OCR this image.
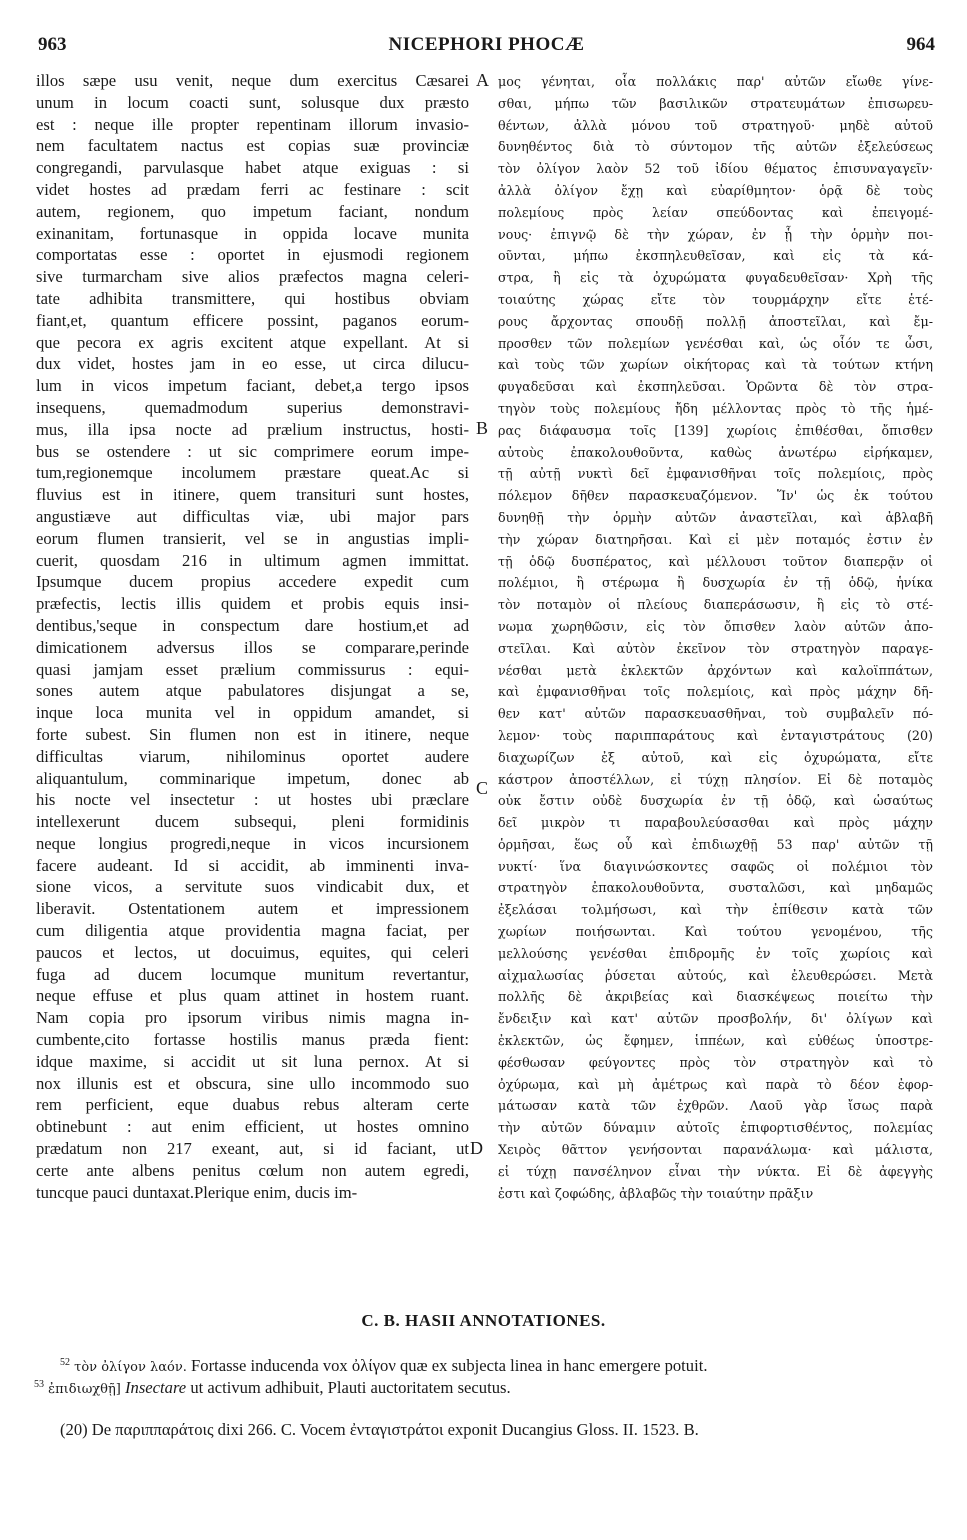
963	NICEPHORI PHOCÆ	964
illos sæpe usu venit, neque dum exercitus Cæsarei
unum in locum coacti sunt, solusque dux præsto
est : neque ille propter repentinam illorum invasio-
nem facultatem nactus est copias suæ provinciæ
congregandi, parvulasque habet atque exiguas : si
videt hostes ad prædam ferri ac festinare : scit
autem, regionem, quo impetum faciant, nondum
exinanitam, fortunasque in oppida locave munita
comportatas esse : oportet in ejusmodi regionem
sive turmarcham sive alios præfectos magna celeri-
tate adhibita transmittere, qui hostibus obviam
fiant,et, quantum efficere possint, paganos eorum-
que pecora ex agris excitent atque expellant. At si
dux videt, hostes jam in eo esse, ut circa dilucu-
lum in vicos impetum faciant, debet,a tergo ipsos
insequens, quemadmodum superius demonstravi-
mus, illa ipsa nocte ad prælium instructus, hosti-
bus se ostendere : ut sic comprimere eorum impe-
tum,regionemque incolumem præstare queat.Ac si
fluvius est in itinere, quem transituri sunt hostes,
angustiæve aut difficultas viæ, ubi major pars
eorum flumen transierit, vel se in angustias impli-
cuerit, quosdam 216 in ultimum agmen immittat.
Ipsumque ducem propius accedere expedit cum
præfectis, lectis illis quidem et probis equis insi-
dentibus,'seque in conspectum dare hostium,et ad
dimicationem adversus illos se comparare,perinde
quasi jamjam esset prælium commissurus : equi-
sones autem atque pabulatores disjungat a se,
inque loca munita vel in oppidum amandet, si
forte subest. Sin flumen non est in itinere, neque
difficultas viarum, nihilominus oportet audere
aliquantulum, comminarique impetum, donec ab
his nocte vel insectetur : ut hostes ubi præclare
intellexerunt ducem subsequi, pleni formidinis
neque longius progredi,neque in vicos incursionem
facere audeant. Id si accidit, ab imminenti inva-
sione vicos, a servitute suos vindicabit dux, et
liberavit. Ostentationem autem et impressionem
cum diligentia atque providentia magna faciat, per
paucos et lectos, ut docuimus, equites, qui celeri
fuga ad ducem locumque munitum revertantur,
neque effuse et plus quam attinet in hostem ruant.
Nam copia pro ipsorum viribus nimis magna in-
cumbente,cito fortasse hostilis manus præda fient:
idque maxime, si accidit ut sit luna pernox. At si
nox illunis est et obscura, sine ullo incommodo suo
rem perficient, eque duabus rebus alteram certe
obtinebunt : aut enim efficient, ut hostes omnino
prædatum non 217 exeant, aut, si id faciant, ut
certe ante albens penitus cœlum non autem egredi,
tuncque pauci duntaxat.Plerique enim, ducis im-
μος γένηται, οἷα πολλάκις παρ' αὐτῶν εἴωθε γίνε-
σθαι, μήπω τῶν βασιλικῶν στρατευμάτων ἐπισωρευ-
θέντων, ἀλλὰ μόνου τοῦ στρατηγοῦ· μηδὲ αὐτοῦ
δυνηθέντος διὰ τὸ σύντομον τῆς αὐτῶν ἐξελεύσεως
τὸν ὀλίγον λαὸν 52 τοῦ ἰδίου θέματος ἐπισυναγαγεῖν·
ἀλλὰ ὀλίγον ἔχῃ καὶ εὐαρίθμητον· ὁρᾷ δὲ τοὺς
πολεμίους πρὸς λείαν σπεύδοντας καὶ ἐπειγομέ-
νους· ἐπιγνῷ δὲ τὴν χώραν, ἐν ᾗ τὴν ὁρμὴν ποι-
οῦνται, μήπω ἐκσπηλευθεῖσαν, καὶ εἰς τὰ κά-
στρα, ἢ εἰς τὰ ὀχυρώματα φυγαδευθεῖσαν· Χρὴ τῆς
τοιαύτης χώρας εἴτε τὸν τουρμάρχην εἴτε ἑτέ-
ρους ἄρχοντας σπουδῇ πολλῇ ἀποστεῖλαι, καὶ ἔμ-
προσθεν τῶν πολεμίων γενέσθαι καὶ, ὡς οἷόν τε ὦσι,
καὶ τοὺς τῶν χωρίων οἰκήτορας καὶ τὰ τούτων κτήνη
φυγαδεῦσαι καὶ ἐκσπηλεῦσαι. Ὁρῶντα δὲ τὸν στρα-
τηγὸν τοὺς πολεμίους ἤδη μέλλοντας πρὸς τὸ τῆς ἡμέ-
ρας διάφαυσμα τοῖς [139] χωρίοις ἐπιθέσθαι, ὄπισθεν
αὐτοὺς ἐπακολουθοῦντα, καθὼς ἀνωτέρω εἰρήκαμεν,
τῇ αὐτῇ νυκτὶ δεῖ ἐμφανισθῆναι τοῖς πολεμίοις, πρὸς
πόλεμον δῆθεν παρασκευαζόμενον. Ἵν' ὡς ἐκ τούτου
δυνηθῇ τὴν ὁρμὴν αὐτῶν ἀναστεῖλαι, καὶ ἀβλαβῆ
τὴν χώραν διατηρῆσαι. Καὶ εἰ μὲν ποταμός ἐστιν ἐν
τῇ ὁδῷ δυσπέρατος, καὶ μέλλουσι τοῦτον διαπερᾷν οἱ
πολέμιοι, ἢ στέρωμα ἢ δυσχωρία ἐν τῇ ὁδῷ, ἡνίκα
τὸν ποταμὸν οἱ πλείους διαπεράσωσιν, ἢ εἰς τὸ στέ-
νωμα χωρηθῶσιν, εἰς τὸν ὄπισθεν λαὸν αὐτῶν ἀπο-
στεῖλαι. Καὶ αὐτὸν ἐκεῖνον τὸν στρατηγὸν παραγε-
νέσθαι μετὰ ἐκλεκτῶν ἀρχόντων καὶ καλοϊππάτων,
καὶ ἐμφανισθῆναι τοῖς πολεμίοις, καὶ πρὸς μάχην δῆ-
θεν κατ' αὐτῶν παρασκευασθῆναι, τοὺ συμβαλεῖν πό-
λεμον· τοὺς παριππαράτους καὶ ἐνταγιστράτους (20)
διαχωρίζων ἐξ αὐτοῦ, καὶ εἰς ὀχυρώματα, εἴτε
κάστρον ἀποστέλλων, εἰ τύχῃ πλησίον. Εἰ δὲ ποταμὸς
οὐκ ἔστιν οὐδὲ δυσχωρία ἐν τῇ ὁδῷ, καὶ ὡσαύτως
δεῖ μικρὸν τι παραβουλεύσασθαι καὶ πρὸς μάχην
ὁρμῆσαι, ἕως οὗ καὶ ἐπιδιωχθῇ 53 παρ' αὐτῶν τῇ
νυκτί· ἵνα διαγινώσκοντες σαφῶς οἱ πολέμιοι τὸν
στρατηγὸν ἐπακολουθοῦντα, συσταλῶσι, καὶ μηδαμῶς
ἐξελάσαι τολμήσωσι, καὶ τὴν ἐπίθεσιν κατὰ τῶν
χωρίων ποιήσωνται. Καὶ τούτου γενομένου, τῆς
μελλούσης γενέσθαι ἐπιδρομῆς ἐν τοῖς χωρίοις καὶ
αἰχμαλωσίας ῥύσεται αὐτούς, καὶ ἐλευθερώσει. Μετὰ
πολλῆς δὲ ἀκριβείας καὶ διασκέψεως ποιείτω τὴν
ἔνδειξιν καὶ κατ' αὐτῶν προσβολήν, δι' ὀλίγων καὶ
ἐκλεκτῶν, ὡς ἔφημεν, ἱππέων, καὶ εὐθέως ὑποστρε-
φέσθωσαν φεύγοντες πρὸς τὸν στρατηγὸν καὶ τὸ
ὀχύρωμα, καὶ μὴ ἀμέτρως καὶ παρὰ τὸ δέον ἐφορ-
μάτωσαν κατὰ τῶν ἐχθρῶν. Λαοῦ γὰρ ἴσως παρὰ
τὴν αὐτῶν δύναμιν αὐτοῖς ἐπιφορτισθέντος, πολεμίας
Χειρὸς θᾶττον γενήσονται παρανάλωμα· καὶ μάλιστα,
εἰ τύχῃ πανσέληνον εἶναι τὴν νύκτα. Εἰ δὲ ἀφεγγὴς
ἐστι καὶ ζοφώδης, ἀβλαβῶς τὴν τοιαύτην πρᾶξιν
A
B
C
D
C. B. HASII ANNOTATIONES.
$^{52}$ τὸν ὀλίγον λαόν. Fortasse inducenda vox ὀλίγον quæ ex subjecta linea in hanc emergere potuit.
$^{53}$ ἐπιδιωχθῇ] Insectare ut activum adhibuit, Plauti auctoritatem secutus.
(20) De παριππαράτοις dixi 266. C. Vocem ἐνταγιστράτοι exponit Ducangius Gloss. II. 1523. B.
